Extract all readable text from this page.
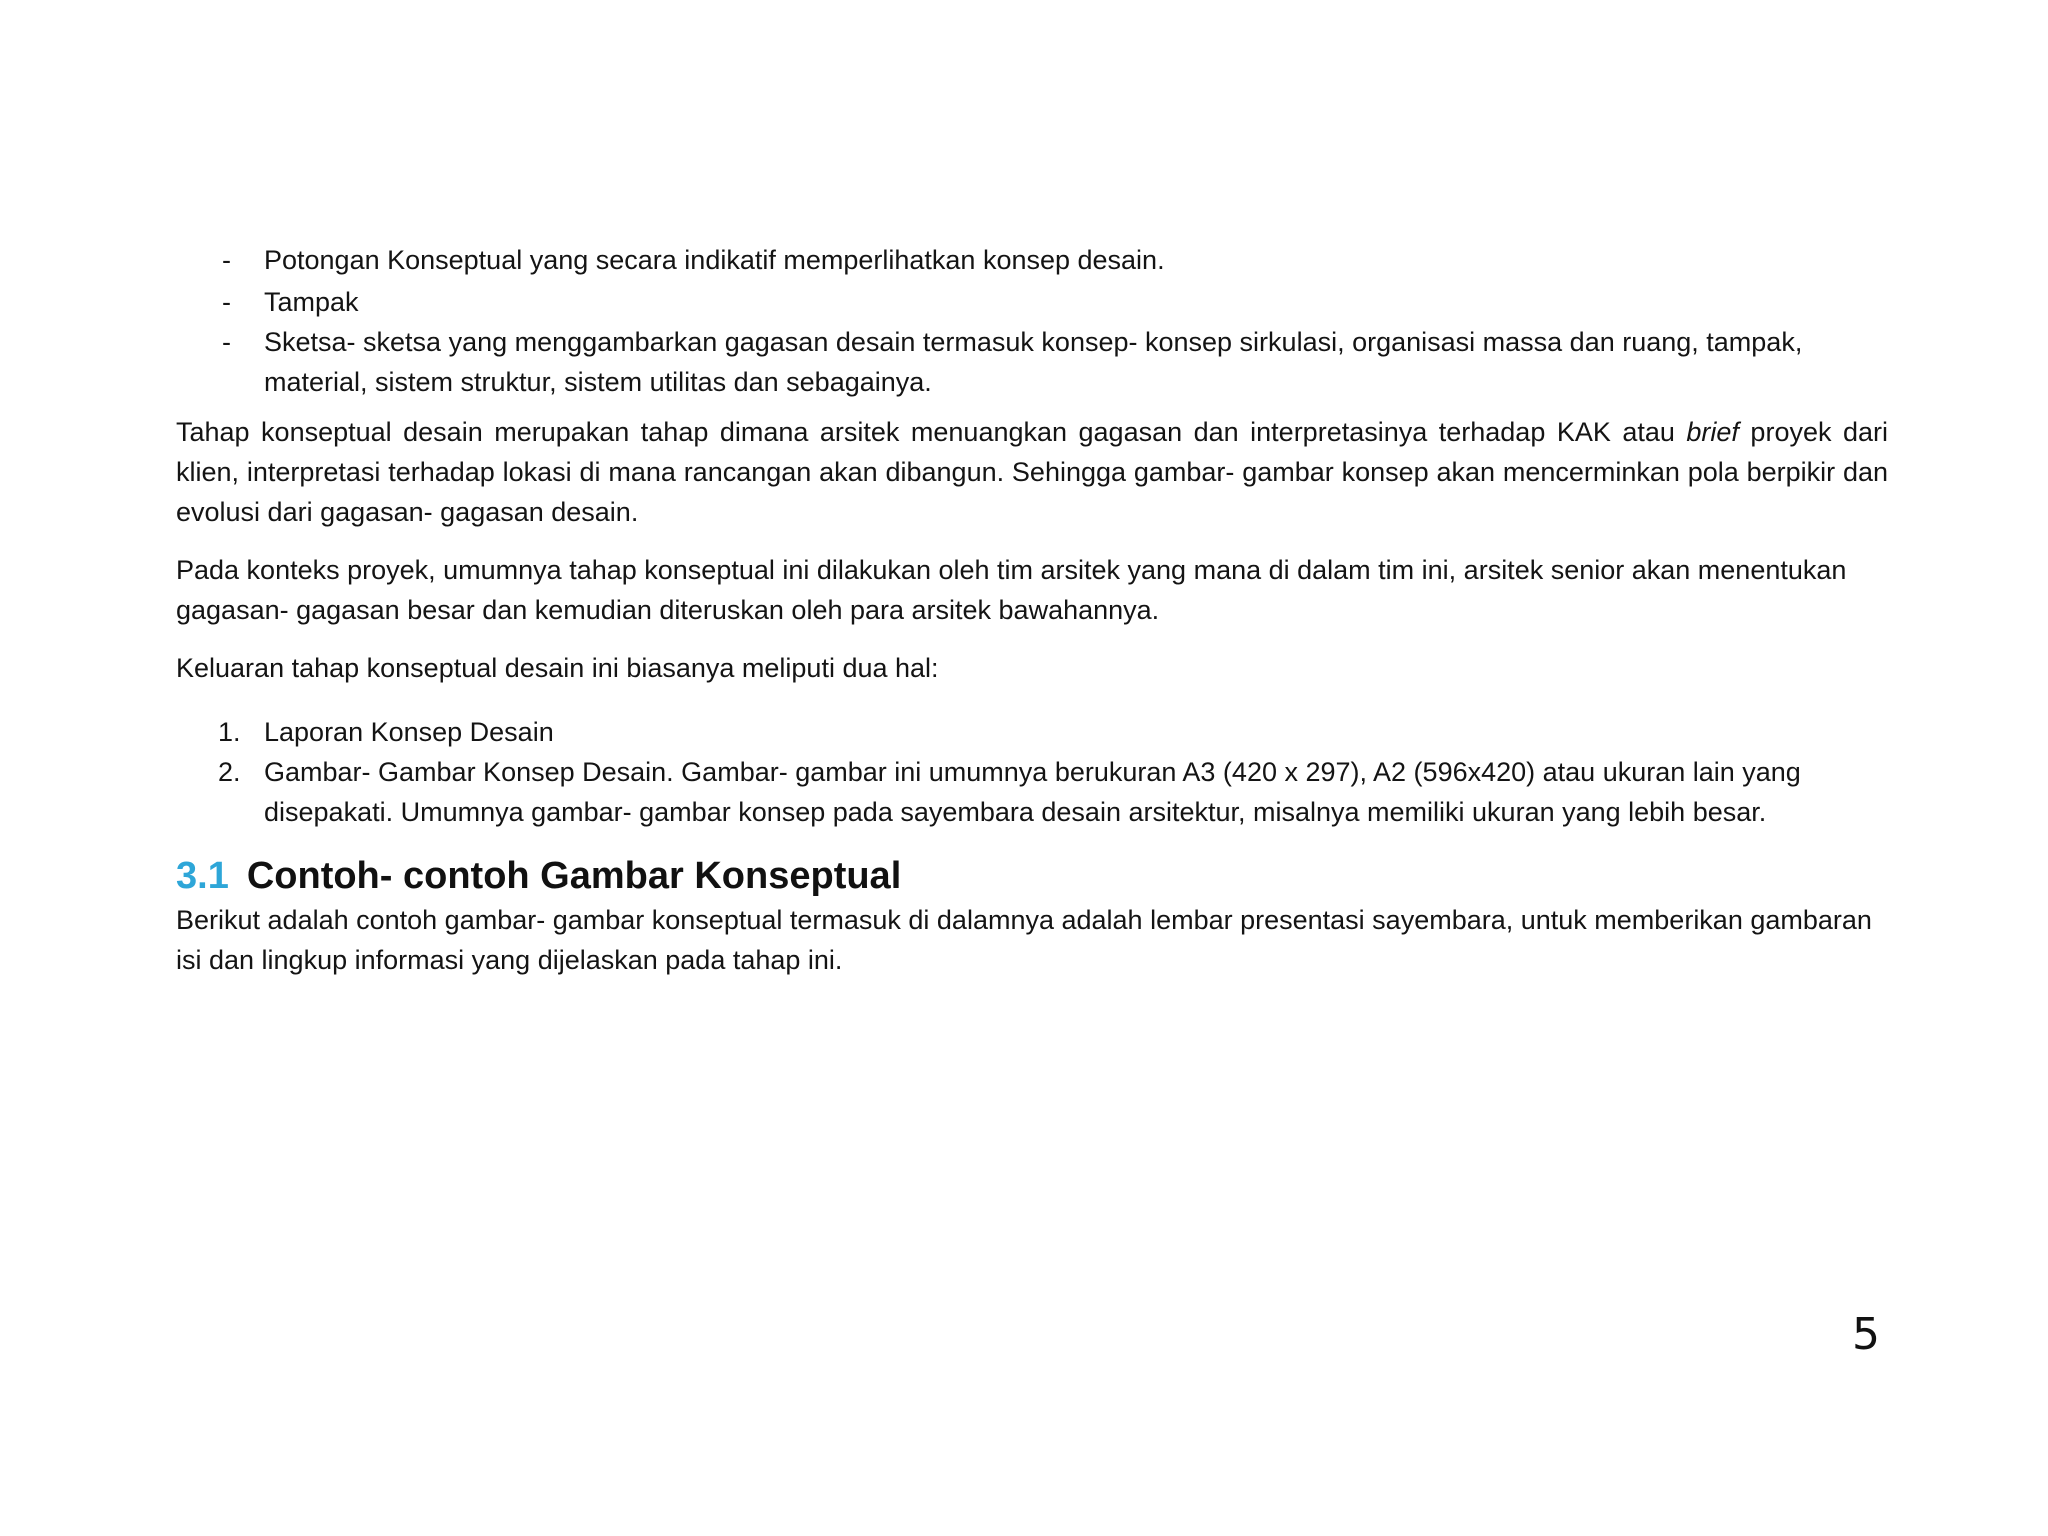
- Potongan Konseptual yang secara indikatif memperlihatkan konsep desain.
- Tampak
- Sketsa- sketsa yang menggambarkan gagasan desain termasuk konsep- konsep sirkulasi, organisasi massa dan ruang, tampak, material, sistem struktur, sistem utilitas dan sebagainya.

Tahap konseptual desain merupakan tahap dimana arsitek menuangkan gagasan dan interpretasinya terhadap KAK atau brief proyek dari klien, interpretasi terhadap lokasi di mana rancangan akan dibangun. Sehingga gambar- gambar konsep akan mencerminkan pola berpikir dan evolusi dari gagasan- gagasan desain.

Pada konteks proyek, umumnya tahap konseptual ini dilakukan oleh tim arsitek yang mana di dalam tim ini, arsitek senior akan menentukan gagasan- gagasan besar dan kemudian diteruskan oleh para arsitek bawahannya.

Keluaran tahap konseptual desain ini biasanya meliputi dua hal:

1. Laporan Konsep Desain
2. Gambar- Gambar Konsep Desain. Gambar- gambar ini umumnya berukuran A3 (420 x 297), A2 (596x420) atau ukuran lain yang disepakati. Umumnya gambar- gambar konsep pada sayembara desain arsitektur, misalnya memiliki ukuran yang lebih besar.
3.1 Contoh- contoh Gambar Konseptual

Berikut adalah contoh gambar- gambar konseptual termasuk di dalamnya adalah lembar presentasi sayembara, untuk memberikan gambaran isi dan lingkup informasi yang dijelaskan pada tahap ini.

5
